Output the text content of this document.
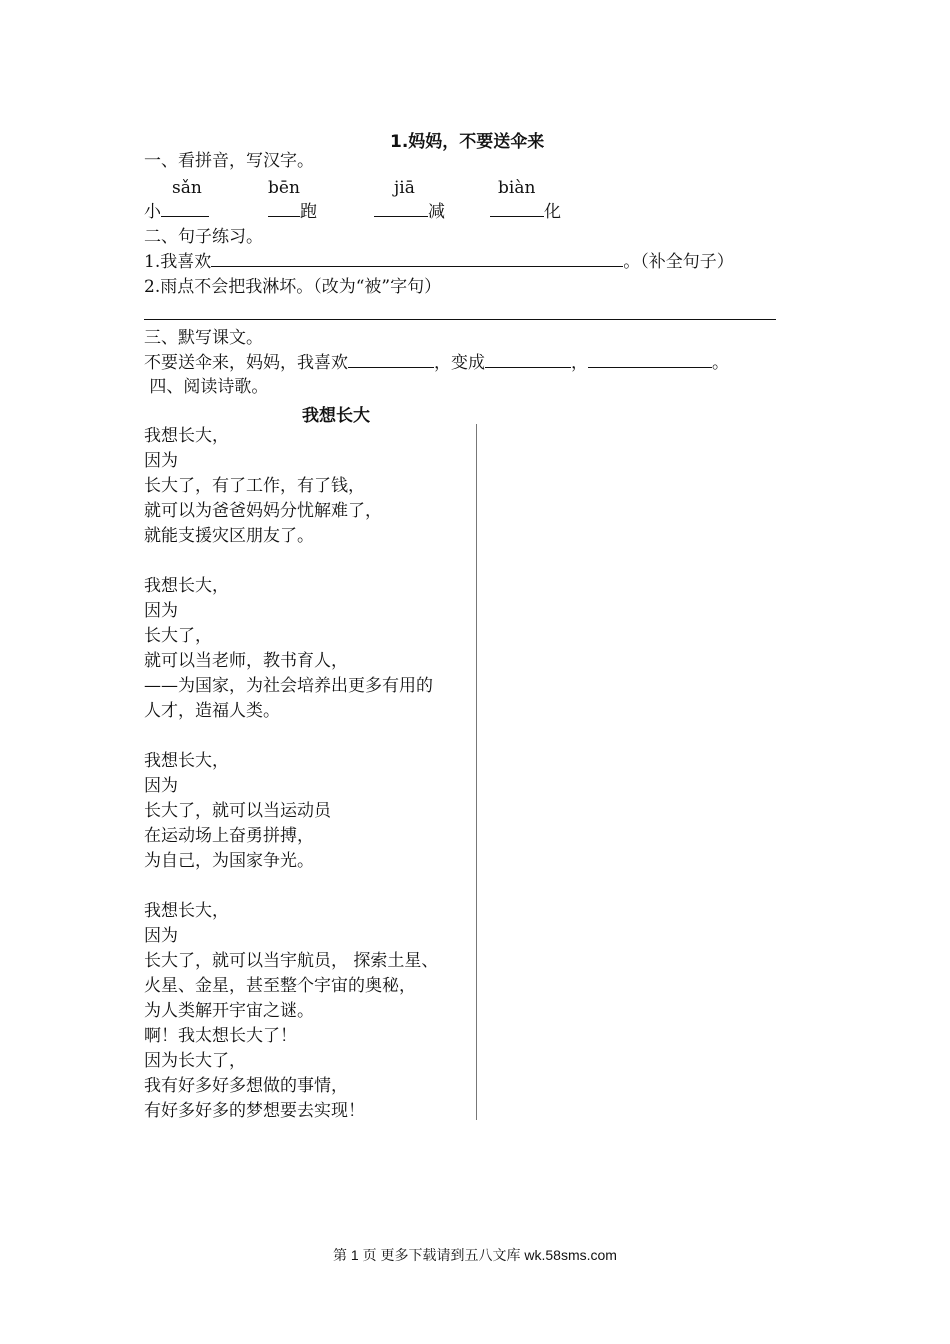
1.妈妈，不要送伞来
一、看拼音，写汉字。
sǎn	bēn	jiā	biàn
小	跑	减	化
二、句子练习。
1.我喜欢	。（补全句子）
2.雨点不会把我淋坏。（改为“被”字句）
三、默写课文。
不要送伞来，妈妈，我喜欢	，变成	，	。
四、阅读诗歌。
我想长大
我想长大，
因为
长大了，有了工作，有了钱，
就可以为爸爸妈妈分忧解难了，
就能支援灾区朋友了。
我想长大，
因为
长大了，
就可以当老师，教书育人，
——为国家，为社会培养出更多有用的
人才，造福人类。
我想长大，
因为
长大了，就可以当运动员
在运动场上奋勇拼搏，
为自己，为国家争光。
我想长大，
因为
长大了，就可以当宇航员， 探索土星、
火星、金星，甚至整个宇宙的奥秘，
为人类解开宇宙之谜。
啊！我太想长大了！
因为长大了，
我有好多好多想做的事情，
有好多好多的梦想要去实现！
第 1 页 更多下载请到五八文库 wk.58sms.com
